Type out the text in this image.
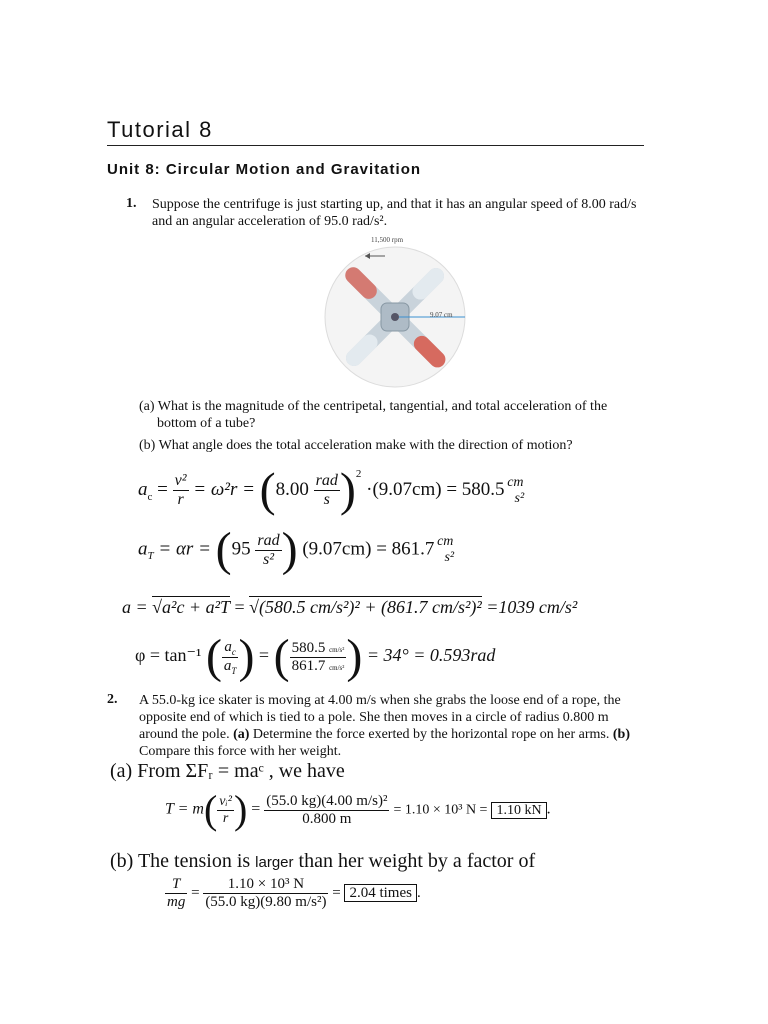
Tutorial 8
Unit 8: Circular Motion and Gravitation
1. Suppose the centrifuge is just starting up, and that it has an angular speed of 8.00 rad/s
and an angular acceleration of 95.0 rad/s².
11,500 rpm
9.07 cm
(a) What is the magnitude of the centripetal, tangential, and total acceleration of the
bottom of a tube?
(b) What angle does the total acceleration make with the direction of motion?
$a_c = \frac{\text{v²}}{r} = \omega^2r = (8.00 \frac{\text{rad}}{s} )^2 \cdot(9.07cm) = 580.5$ cm
s²
$a_T = \alpha r = (95 \frac{\text{rad}}{\text{s²}}$ ) (9.07cm) = 861.7 cm
s²
a = √a²c + a²T = √(580.5 cm/s²)² + (861.7 cm/s²)² =1039 cm/s²
φ = tan⁻¹ ( $\frac{a_c}{a_T}$ ) = ( $\frac{\text{580.5 cm/s²}}{\text{861.7 cm/s²}}$ ) = 34° = 0.593rad
2. A 55.0-kg ice skater is moving at 4.00 m/s when she grabs the loose end of a rope, the
opposite end of which is tied to a pole. She then moves in a circle of radius 0.800 m
around the pole. (a) Determine the force exerted by the horizontal rope on her arms. (b)
Compare this force with her weight.
(a) From ΣFᵣ = maᶜ , we have
$T = m( \frac{\text{vᵢ²}}{r}$ ) = $\frac{\text{(55.0 kg)(4.00 m/s)²}}{0.800 m} = 1.10 \times 10^3$ N = 1.10 kN .
(b) The tension is larger than her weight by a factor of
$\frac{T}{mg} = \frac{\text{1.10 × 10³ N}}{\text{(55.0 kg)(9.80 m/s²)}} = 2.04$ times .
